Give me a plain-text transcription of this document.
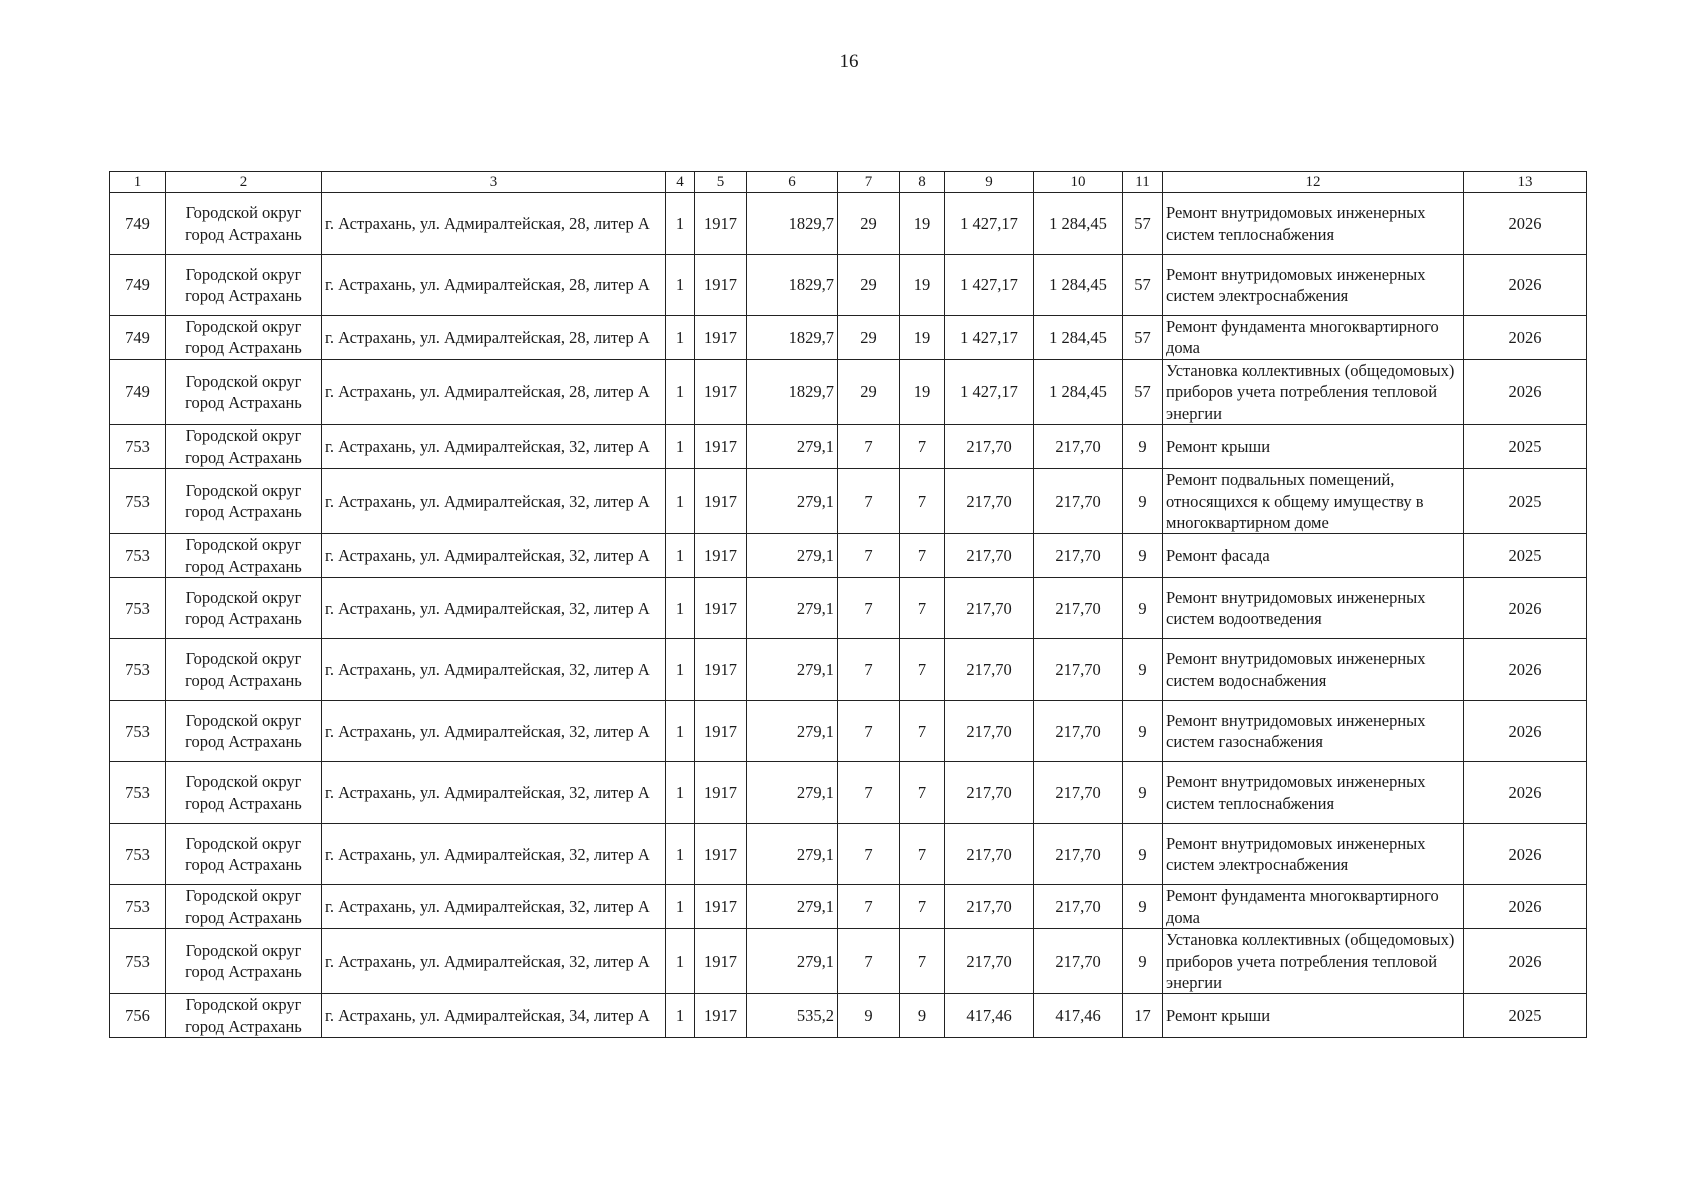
16
1	2	3	4	5	6	7	8	9	10	11	12	13
749	Городской округ город Астрахань	г. Астрахань, ул. Адмиралтейская, 28, литер А	1	1917	1829,7	29	19	1 427,17	1 284,45	57	Ремонт внутридомовых инженерных систем теплоснабжения	2026
749	Городской округ город Астрахань	г. Астрахань, ул. Адмиралтейская, 28, литер А	1	1917	1829,7	29	19	1 427,17	1 284,45	57	Ремонт внутридомовых инженерных систем электроснабжения	2026
749	Городской округ город Астрахань	г. Астрахань, ул. Адмиралтейская, 28, литер А	1	1917	1829,7	29	19	1 427,17	1 284,45	57	Ремонт фундамента многоквартирного дома	2026
749	Городской округ город Астрахань	г. Астрахань, ул. Адмиралтейская, 28, литер А	1	1917	1829,7	29	19	1 427,17	1 284,45	57	Установка коллективных (общедомовых) приборов учета потребления тепловой энергии	2026
753	Городской округ город Астрахань	г. Астрахань, ул. Адмиралтейская, 32, литер А	1	1917	279,1	7	7	217,70	217,70	9	Ремонт крыши	2025
753	Городской округ город Астрахань	г. Астрахань, ул. Адмиралтейская, 32, литер А	1	1917	279,1	7	7	217,70	217,70	9	Ремонт подвальных помещений, относящихся к общему имуществу в многоквартирном доме	2025
753	Городской округ город Астрахань	г. Астрахань, ул. Адмиралтейская, 32, литер А	1	1917	279,1	7	7	217,70	217,70	9	Ремонт фасада	2025
753	Городской округ город Астрахань	г. Астрахань, ул. Адмиралтейская, 32, литер А	1	1917	279,1	7	7	217,70	217,70	9	Ремонт внутридомовых инженерных систем водоотведения	2026
753	Городской округ город Астрахань	г. Астрахань, ул. Адмиралтейская, 32, литер А	1	1917	279,1	7	7	217,70	217,70	9	Ремонт внутридомовых инженерных систем водоснабжения	2026
753	Городской округ город Астрахань	г. Астрахань, ул. Адмиралтейская, 32, литер А	1	1917	279,1	7	7	217,70	217,70	9	Ремонт внутридомовых инженерных систем газоснабжения	2026
753	Городской округ город Астрахань	г. Астрахань, ул. Адмиралтейская, 32, литер А	1	1917	279,1	7	7	217,70	217,70	9	Ремонт внутридомовых инженерных систем теплоснабжения	2026
753	Городской округ город Астрахань	г. Астрахань, ул. Адмиралтейская, 32, литер А	1	1917	279,1	7	7	217,70	217,70	9	Ремонт внутридомовых инженерных систем электроснабжения	2026
753	Городской округ город Астрахань	г. Астрахань, ул. Адмиралтейская, 32, литер А	1	1917	279,1	7	7	217,70	217,70	9	Ремонт фундамента многоквартирного дома	2026
753	Городской округ город Астрахань	г. Астрахань, ул. Адмиралтейская, 32, литер А	1	1917	279,1	7	7	217,70	217,70	9	Установка коллективных (общедомовых) приборов учета потребления тепловой энергии	2026
756	Городской округ город Астрахань	г. Астрахань, ул. Адмиралтейская, 34, литер А	1	1917	535,2	9	9	417,46	417,46	17	Ремонт крыши	2025
